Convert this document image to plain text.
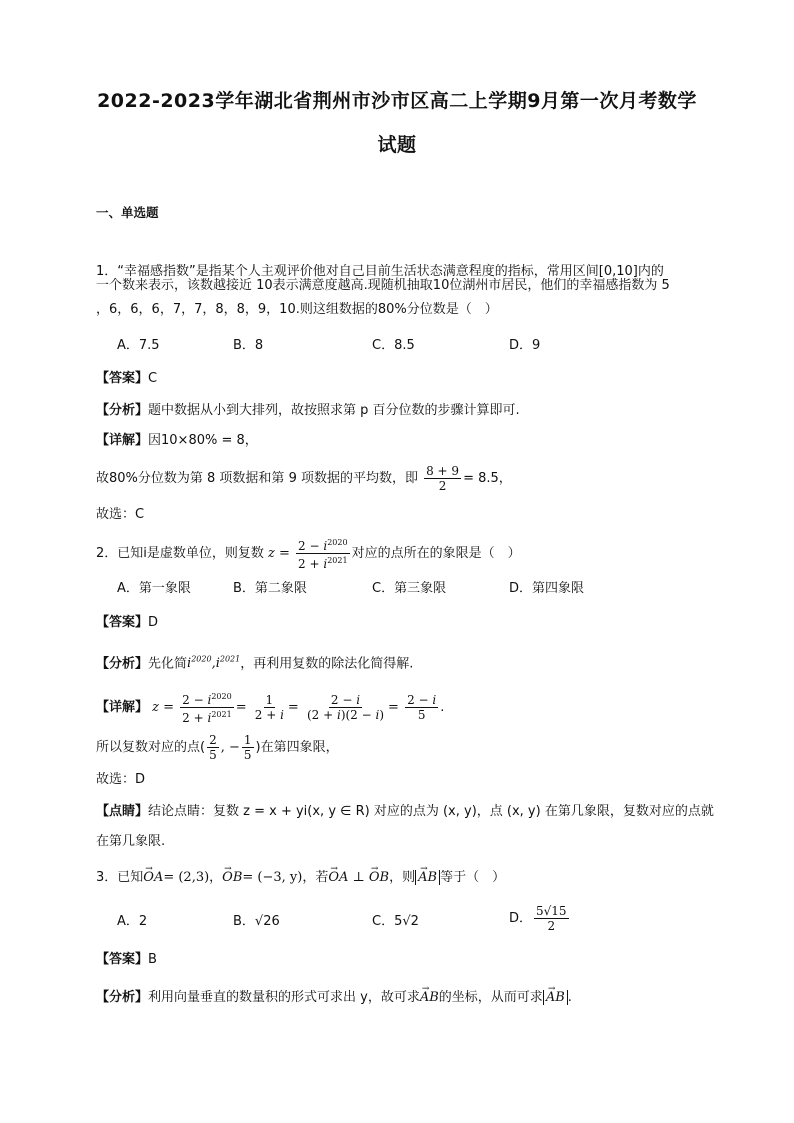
2022-2023学年湖北省荆州市沙市区高二上学期9月第一次月考数学
试题
一、单选题
1．“幸福感指数”是指某个人主观评价他对自己目前生活状态满意程度的指标，常用区间[0,10]内的
一个数来表示，该数越接近 10表示满意度越高.现随机抽取10位湖州市居民，他们的幸福感指数为 5
，6，6，6，7，7，8，8，9，10.则这组数据的80%分位数是（　）
A．7.5	B．8	C．8.5	D．9
【答案】C
【分析】题中数据从小到大排列，故按照求第 p 百分位数的步骤计算即可.
【详解】因10×80% = 8，
故80%分位数为第 8 项数据和第 9 项数据的平均数，即 $\frac{8 + 9}{2} = 8.5$，
故选：C
2．已知i是虚数单位，则复数 $z = \frac{2 - i^{2020}}{2 + i^{2021}}$ 对应的点所在的象限是（　）
A．第一象限	B．第二象限	C．第三象限	D．第四象限
【答案】D
【分析】先化简$i^{2020},i^{2021}$，再利用复数的除法化简得解.
【详解】 $z = \frac{2 - i^{2020}}{2 + i^{2021}} = \frac{1}{2 + i} = \frac{2 - i}{(2 + i)(2 - i)} = \frac{2 - i}{5}$ .
所以复数对应的点( $\frac{2}{5}$ , − $\frac{1}{5}$ )在第四象限，
故选：D
【点睛】结论点睛：复数 z = x + yi(x, y ∈ R) 对应的点为 (x, y)，点 (x, y) 在第几象限，复数对应的点就
在第几象限.
3．已知→ OA= (2,3)，→ OB= (−3, y)，若→ OA ⊥ → OB，则 → AB 等于（　）
A．2	B．√26	C．5√2	D． $\frac{5√15}{2}$
【答案】B
【分析】利用向量垂直的数量积的形式可求出 y，故可求→ AB的坐标，从而可求 → AB .
